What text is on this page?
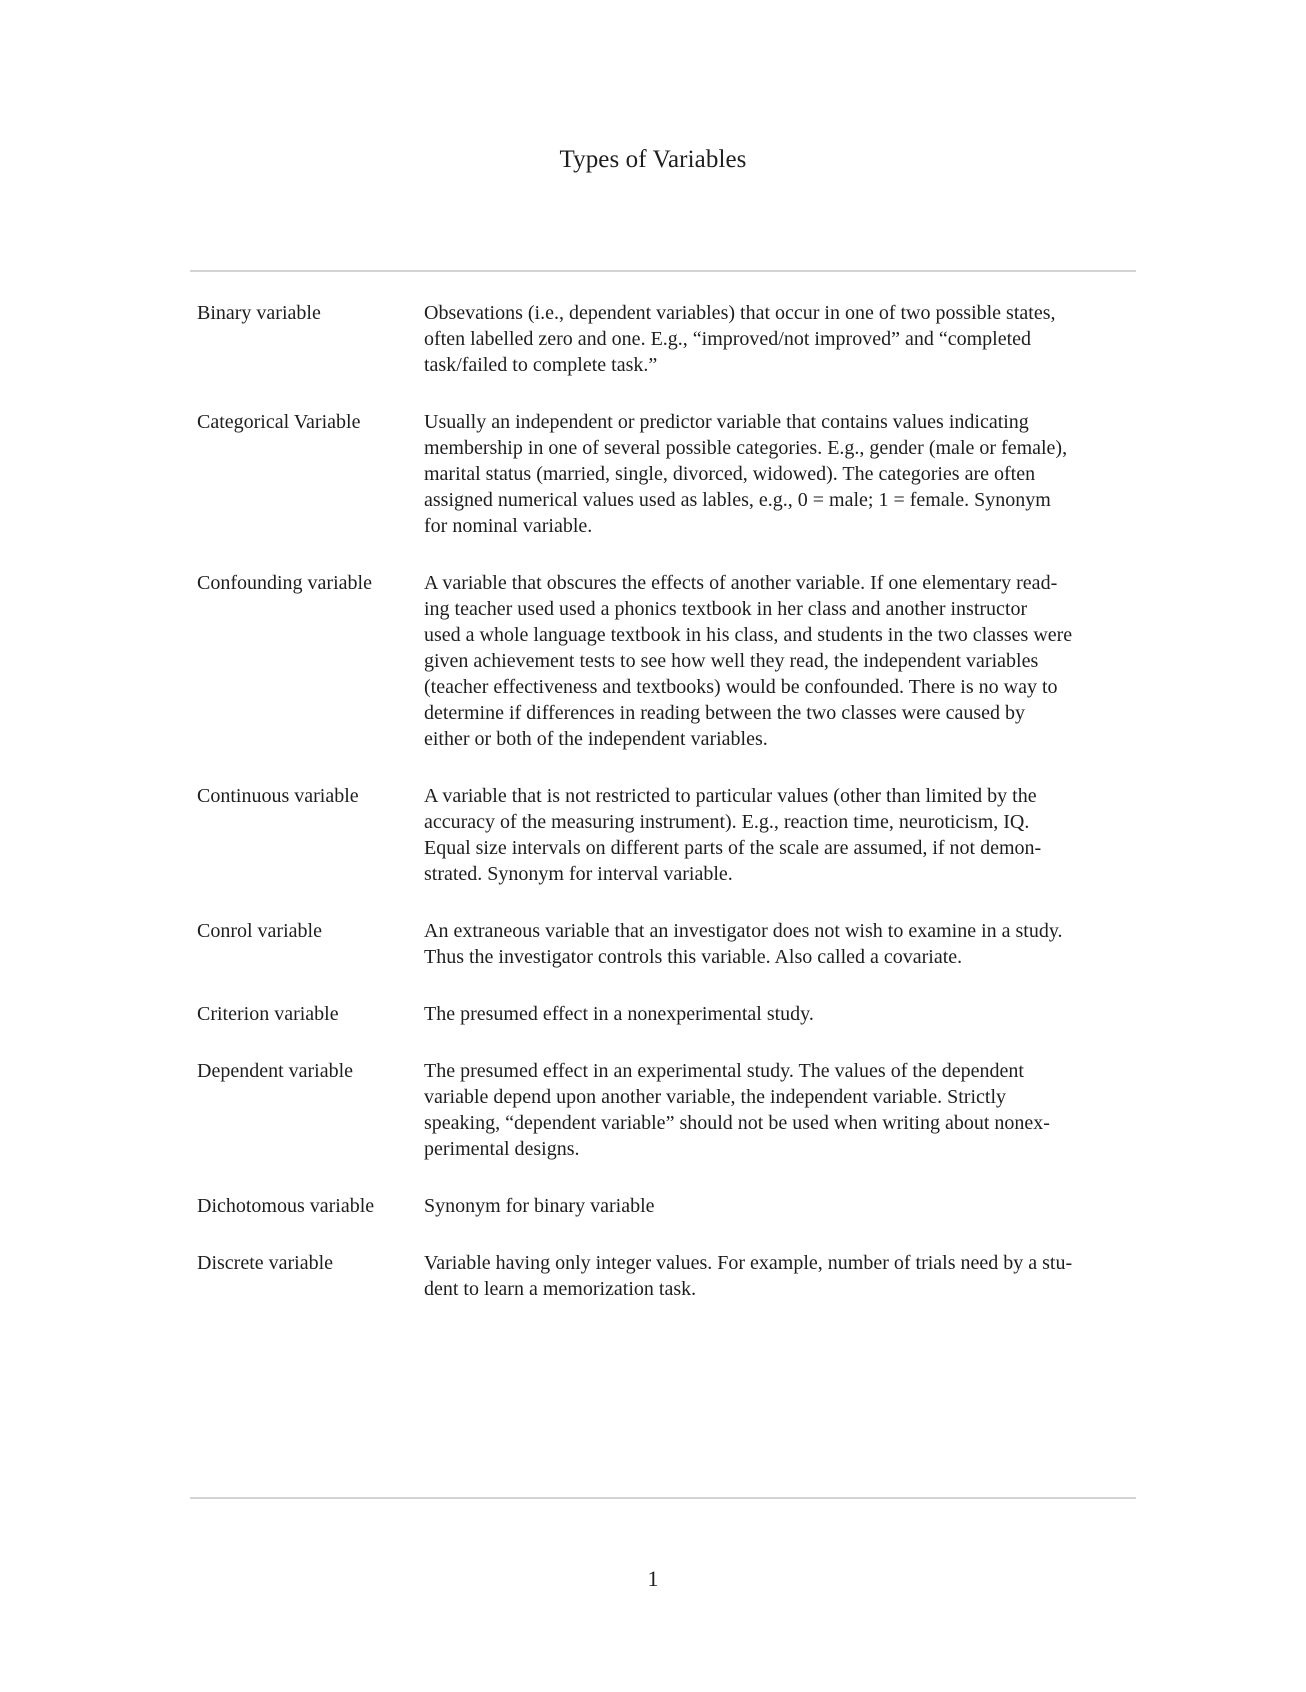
Types of Variables
Binary variable	Obsevations (i.e., dependent variables) that occur in one of two possible states,
often labelled zero and one. E.g., “improved/not improved” and “completed
task/failed to complete task.”
Categorical Variable	Usually an independent or predictor variable that contains values indicating
membership in one of several possible categories. E.g., gender (male or female),
marital status (married, single, divorced, widowed). The categories are often
assigned numerical values used as lables, e.g., 0 = male; 1 = female. Synonym
for nominal variable.
Confounding variable	A variable that obscures the effects of another variable. If one elementary read-
ing teacher used used a phonics textbook in her class and another instructor
used a whole language textbook in his class, and students in the two classes were
given achievement tests to see how well they read, the independent variables
(teacher effectiveness and textbooks) would be confounded. There is no way to
determine if differences in reading between the two classes were caused by
either or both of the independent variables.
Continuous variable	A variable that is not restricted to particular values (other than limited by the
accuracy of the measuring instrument). E.g., reaction time, neuroticism, IQ.
Equal size intervals on different parts of the scale are assumed, if not demon-
strated. Synonym for interval variable.
Conrol variable	An extraneous variable that an investigator does not wish to examine in a study.
Thus the investigator controls this variable. Also called a covariate.
Criterion variable	The presumed effect in a nonexperimental study.
Dependent variable	The presumed effect in an experimental study. The values of the dependent
variable depend upon another variable, the independent variable. Strictly
speaking, “dependent variable” should not be used when writing about nonex-
perimental designs.
Dichotomous variable	Synonym for binary variable
Discrete variable	Variable having only integer values. For example, number of trials need by a stu-
dent to learn a memorization task.
1
